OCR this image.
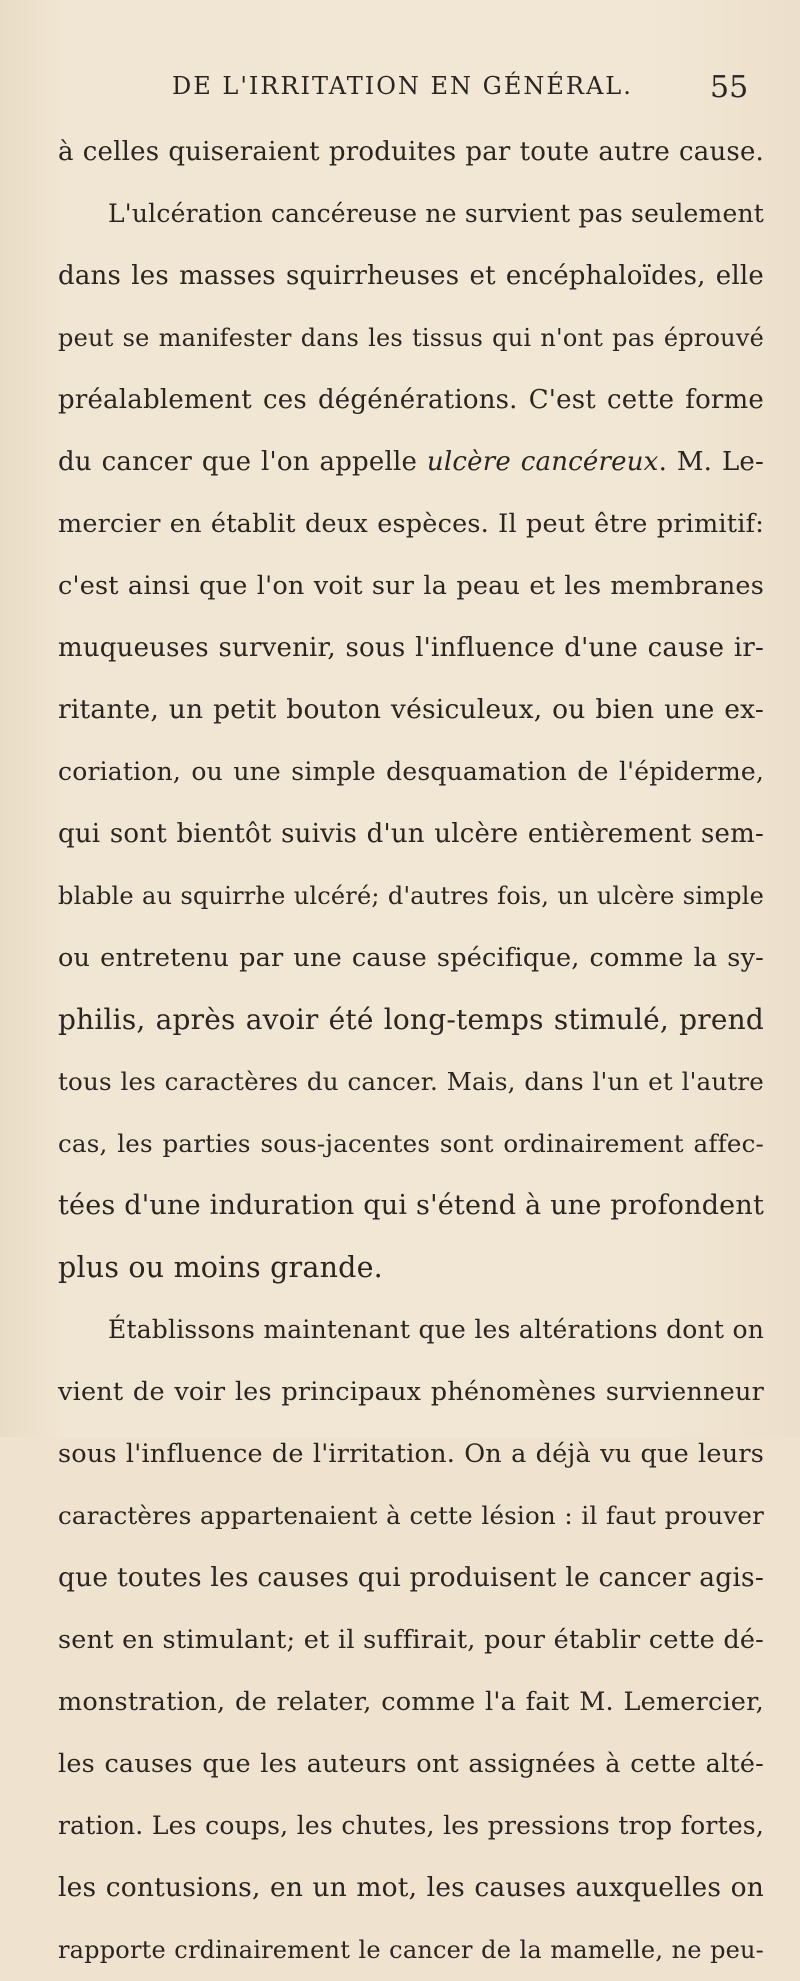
DE L'IRRITATION EN GÉNÉRAL.	55
à celles quiseraient produites par toute autre cause.
L'ulcération cancéreuse ne survient pas seulement
dans les masses squirrheuses et encéphaloïdes, elle
peut se manifester dans les tissus qui n'ont pas éprouvé
préalablement ces dégénérations. C'est cette forme
du cancer que l'on appelle ulcère cancéreux. M. Le-
mercier en établit deux espèces. Il peut être primitif:
c'est ainsi que l'on voit sur la peau et les membranes
muqueuses survenir, sous l'influence d'une cause ir-
ritante, un petit bouton vésiculeux, ou bien une ex-
coriation, ou une simple desquamation de l'épiderme,
qui sont bientôt suivis d'un ulcère entièrement sem-
blable au squirrhe ulcéré; d'autres fois, un ulcère simple
ou entretenu par une cause spécifique, comme la sy-
philis, après avoir été long-temps stimulé, prend
tous les caractères du cancer. Mais, dans l'un et l'autre
cas, les parties sous-jacentes sont ordinairement affec-
tées d'une induration qui s'étend à une profondent
plus ou moins grande.
Établissons maintenant que les altérations dont on
vient de voir les principaux phénomènes survienneur
sous l'influence de l'irritation. On a déjà vu que leurs
caractères appartenaient à cette lésion : il faut prouver
que toutes les causes qui produisent le cancer agis-
sent en stimulant; et il suffirait, pour établir cette dé-
monstration, de relater, comme l'a fait M. Lemercier,
les causes que les auteurs ont assignées à cette alté-
ration. Les coups, les chutes, les pressions trop fortes,
les contusions, en un mot, les causes auxquelles on
rapporte crdinairement le cancer de la mamelle, ne peu-
